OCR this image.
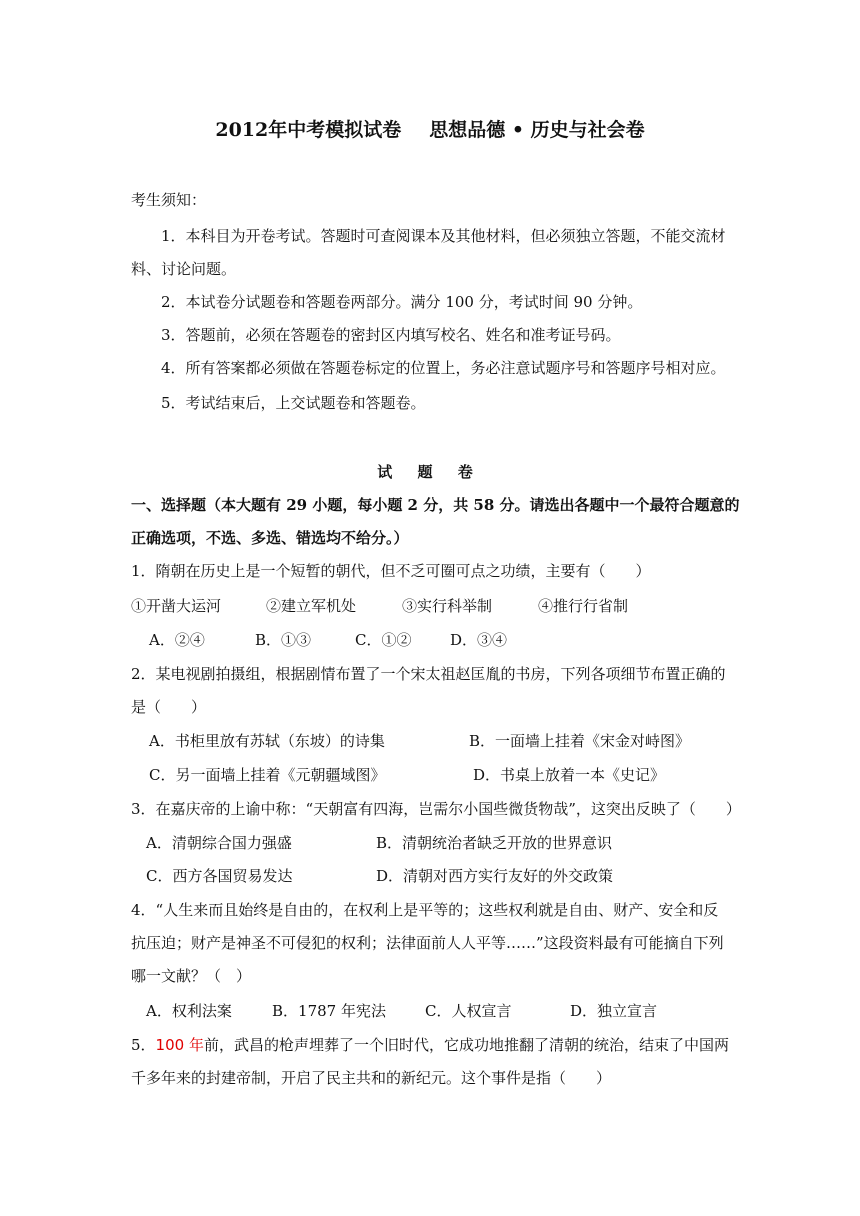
2012年中考模拟试卷 思想品德 • 历史与社会卷
考生须知：
1．本科目为开卷考试。答题时可查阅课本及其他材料，但必须独立答题，不能交流材
料、讨论问题。
2．本试卷分试题卷和答题卷两部分。满分 100 分，考试时间 90 分钟。
3．答题前，必须在答题卷的密封区内填写校名、姓名和准考证号码。
4．所有答案都必须做在答题卷标定的位置上，务必注意试题序号和答题序号相对应。
5．考试结束后，上交试题卷和答题卷。
试 题 卷
一、选择题（本大题有 29 小题，每小题 2 分，共 58 分。请选出各题中一个最符合题意的
正确选项，不选、多选、错选均不给分。）
1．隋朝在历史上是一个短暂的朝代，但不乏可圈可点之功绩，主要有（　　）
①开凿大运河	②建立军机处	③实行科举制	④推行行省制
A．②④	B．①③	C．①②	D．③④
2．某电视剧拍摄组，根据剧情布置了一个宋太祖赵匡胤的书房，下列各项细节布置正确的
是（　　）
A．书柜里放有苏轼（东坡）的诗集	B．一面墙上挂着《宋金对峙图》
C．另一面墙上挂着《元朝疆域图》	D．书桌上放着一本《史记》
3．在嘉庆帝的上谕中称：“天朝富有四海，岂需尔小国些微货物哉”，这突出反映了（　　）
A．清朝综合国力强盛	B．清朝统治者缺乏开放的世界意识
C．西方各国贸易发达	D．清朝对西方实行友好的外交政策
4．“人生来而且始终是自由的，在权利上是平等的；这些权利就是自由、财产、安全和反
抗压迫；财产是神圣不可侵犯的权利；法律面前人人平等……”这段资料最有可能摘自下列
哪一文献？（　）
A．权利法案	B．1787 年宪法	C．人权宣言	D．独立宣言
5．100 年前，武昌的枪声埋葬了一个旧时代，它成功地推翻了清朝的统治，结束了中国两
千多年来的封建帝制，开启了民主共和的新纪元。这个事件是指（　　）
